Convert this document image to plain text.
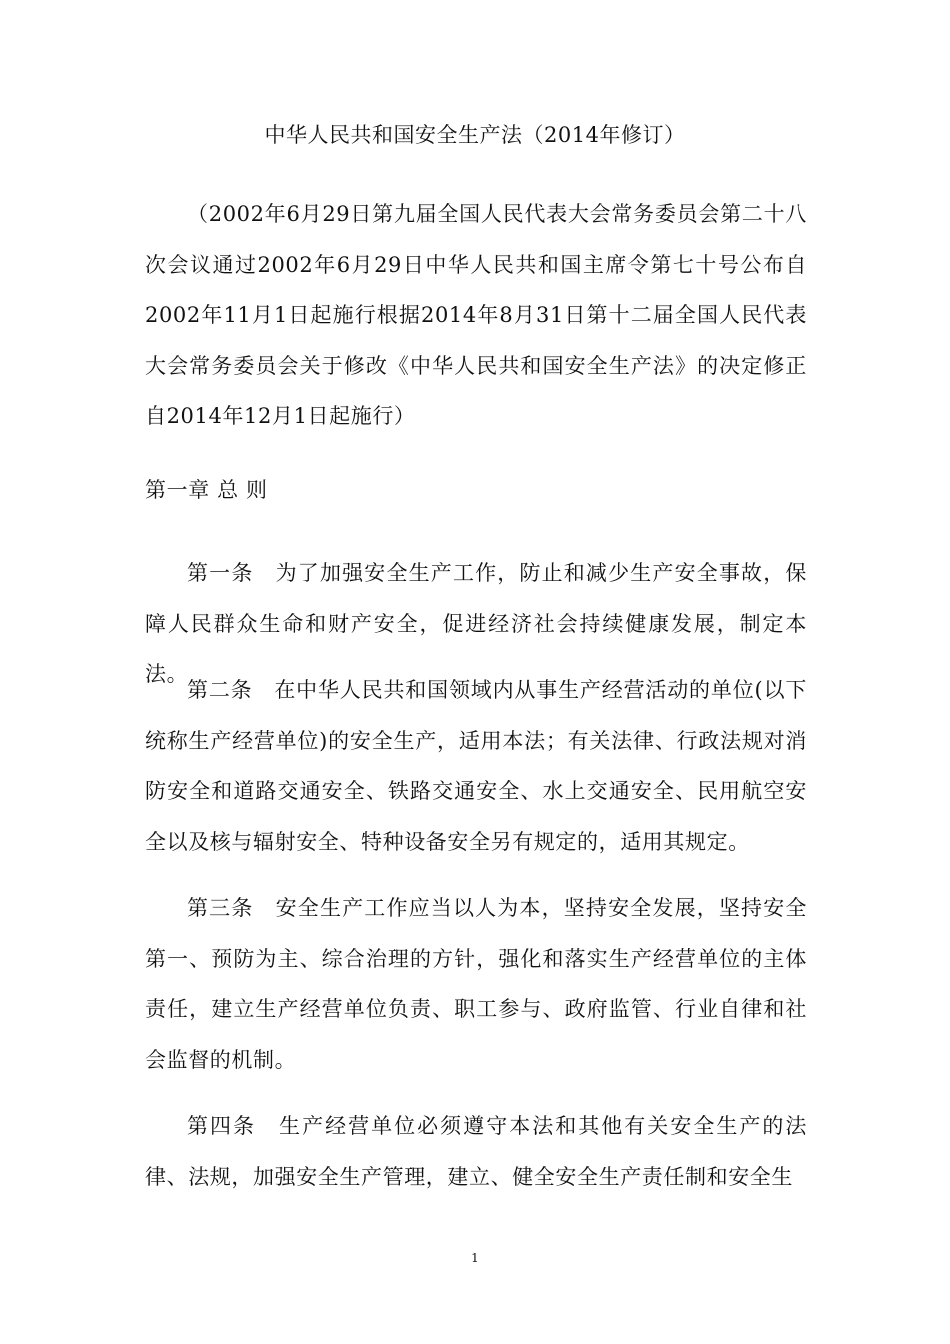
中华人民共和国安全生产法（2014年修订）

（2002年6月29日第九届全国人民代表大会常务委员会第二十八次会议通过2002年6月29日中华人民共和国主席令第七十号公布自2002年11月1日起施行根据2014年8月31日第十二届全国人民代表大会常务委员会关于修改《中华人民共和国安全生产法》的决定修正自2014年12月1日起施行）

第一章 总 则

第一条　为了加强安全生产工作，防止和减少生产安全事故，保障人民群众生命和财产安全，促进经济社会持续健康发展，制定本法。

第二条　在中华人民共和国领域内从事生产经营活动的单位(以下统称生产经营单位)的安全生产，适用本法；有关法律、行政法规对消防安全和道路交通安全、铁路交通安全、水上交通安全、民用航空安全以及核与辐射安全、特种设备安全另有规定的，适用其规定。

第三条　安全生产工作应当以人为本，坚持安全发展，坚持安全第一、预防为主、综合治理的方针，强化和落实生产经营单位的主体责任，建立生产经营单位负责、职工参与、政府监管、行业自律和社会监督的机制。

第四条　生产经营单位必须遵守本法和其他有关安全生产的法律、法规，加强安全生产管理，建立、健全安全生产责任制和安全生

1
